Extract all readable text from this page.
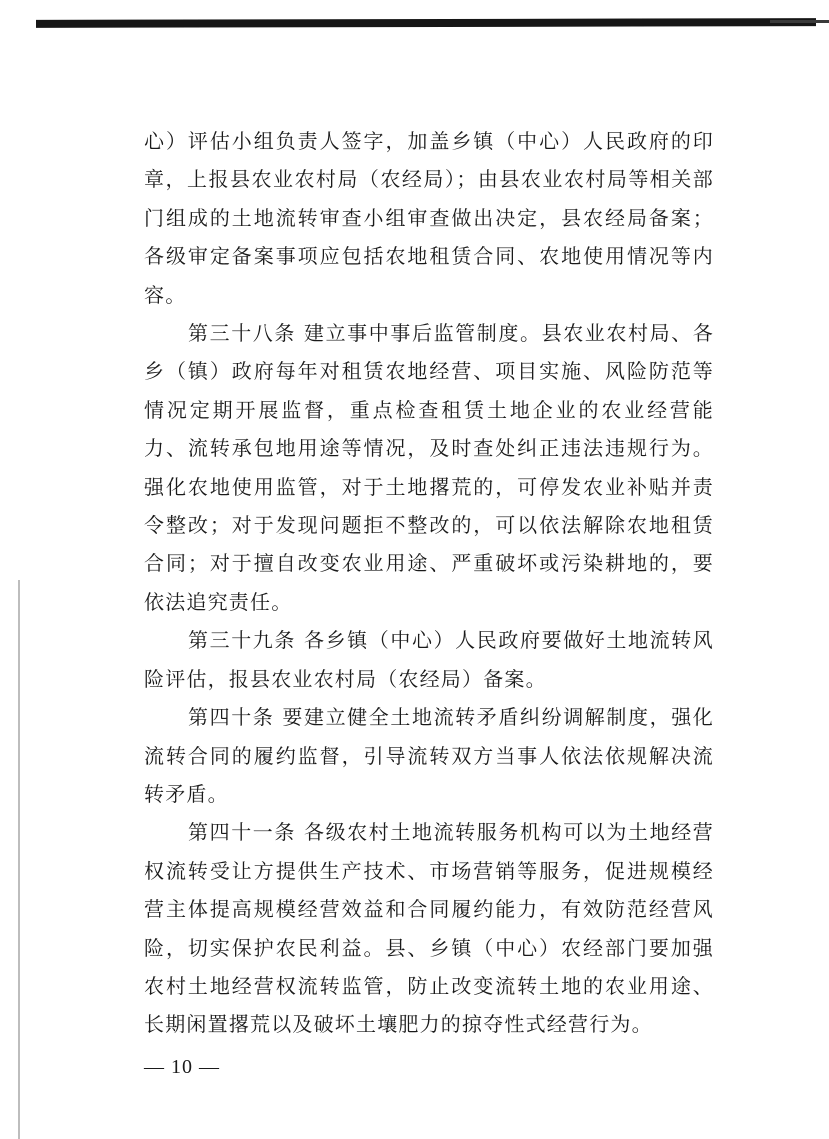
心）评估小组负责人签字，加盖乡镇（中心）人民政府的印章，上报县农业农村局（农经局）；由县农业农村局等相关部门组成的土地流转审查小组审查做出决定，县农经局备案；各级审定备案事项应包括农地租赁合同、农地使用情况等内容。

第三十八条 建立事中事后监管制度。县农业农村局、各乡（镇）政府每年对租赁农地经营、项目实施、风险防范等情况定期开展监督，重点检查租赁土地企业的农业经营能力、流转承包地用途等情况，及时查处纠正违法违规行为。强化农地使用监管，对于土地撂荒的，可停发农业补贴并责令整改；对于发现问题拒不整改的，可以依法解除农地租赁合同；对于擅自改变农业用途、严重破坏或污染耕地的，要依法追究责任。

第三十九条 各乡镇（中心）人民政府要做好土地流转风险评估，报县农业农村局（农经局）备案。

第四十条 要建立健全土地流转矛盾纠纷调解制度，强化流转合同的履约监督，引导流转双方当事人依法依规解决流转矛盾。

第四十一条 各级农村土地流转服务机构可以为土地经营权流转受让方提供生产技术、市场营销等服务，促进规模经营主体提高规模经营效益和合同履约能力，有效防范经营风险，切实保护农民利益。县、乡镇（中心）农经部门要加强农村土地经营权流转监管，防止改变流转土地的农业用途、长期闲置撂荒以及破坏土壤肥力的掠夺性式经营行为。

— 10 —
